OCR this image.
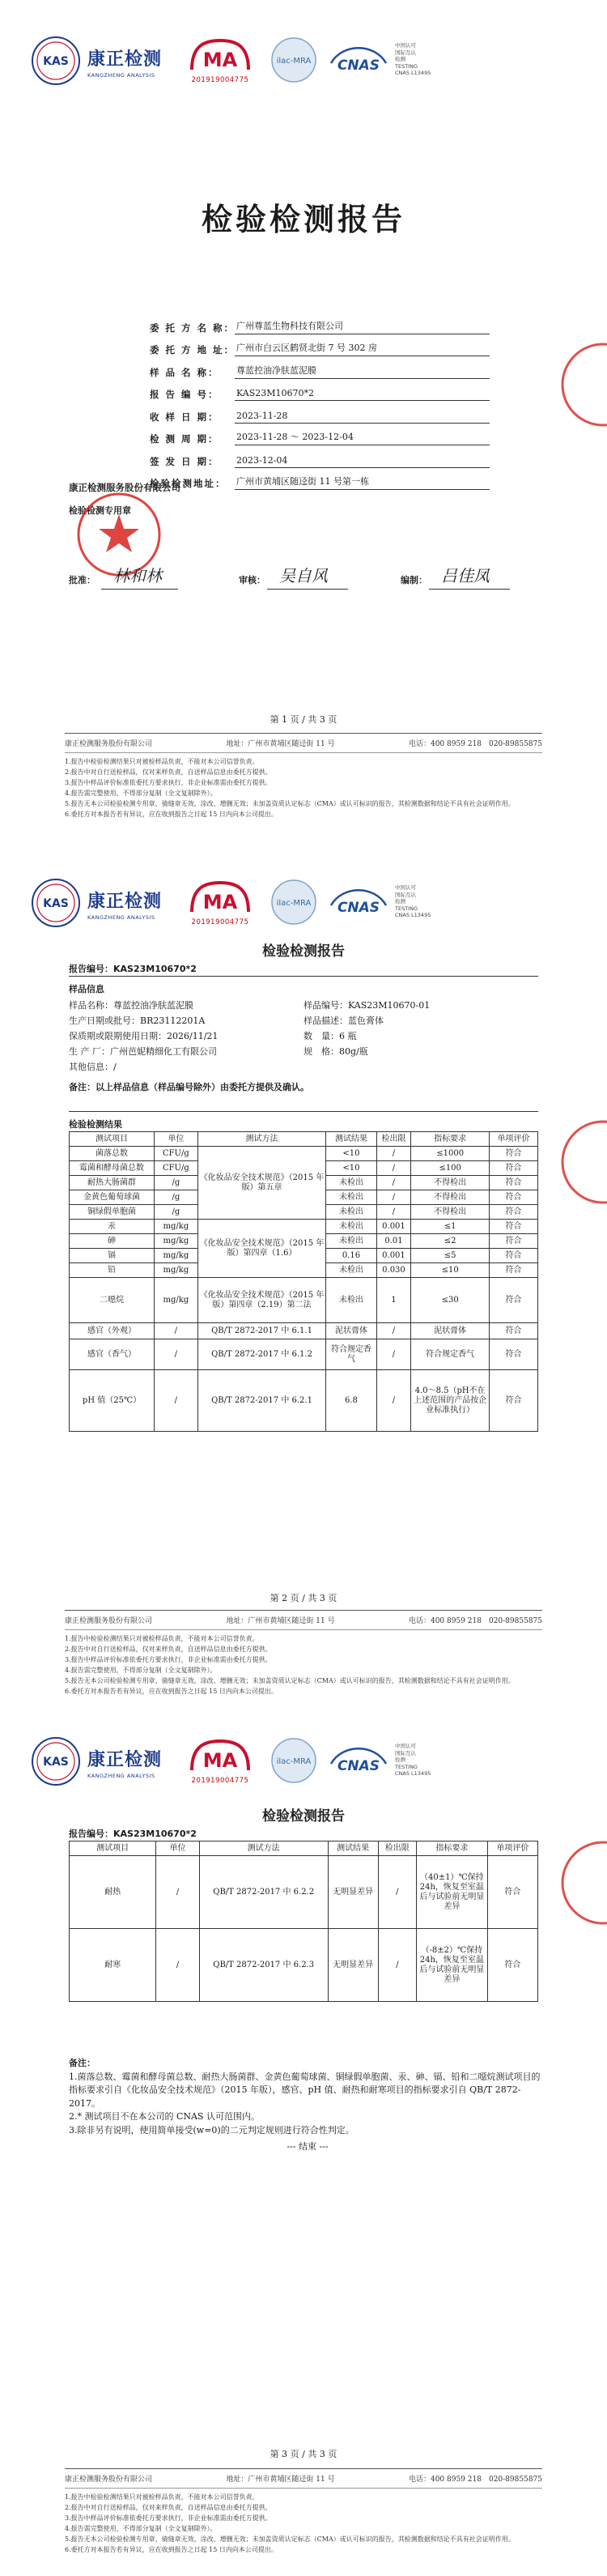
KAS 康正检测
KANGZHENG ANALYSIS
MA
201919004775
ilac-MRA CNAS
中国认可
国际互认
检测
TESTING
CNAS L13495
检验检测报告
委 托 方 名 称： 广州尊蓝生物科技有限公司
委 托 方 地 址： 广州市白云区鹤贤北街 7 号 302 房
样 品 名 称：	尊蓝控油净肤蓝泥膜
报 告 编 号：	KAS23M10670*2
收 样 日 期：	2023-11-28
检 测 周 期：	2023-11-28 ～ 2023-12-04
签 发 日 期：	2023-12-04
检验检测地址：	广州市黄埔区随迳街 11 号第一栋
康正检测服务股份有限公司
检验检测专用章
批准： 林和林	审核： 吴自风	编制： 吕佳凤
第 1 页 / 共 3 页
康正检测服务股份有限公司	地址：广州市黄埔区随迳街 11 号	电话：400 8959 218　020-89855875
1.报告中检验检测结果只对被检样品负责，不能对本公司信誉负责。
2.报告中对自行送检样品，仅对来样负责，自送样品信息由委托方提供。
3.报告中样品评价标准依委托方要求执行，非企业标准需由委托方提供。
4.报告需完整使用，不得部分复制（全文复制除外）。
5.报告无本公司检验检测专用章、骑缝章无效，涂改、增删无效；未加盖资质认定标志（CMA）或认可标识的报告，其检测数据和结论不具有社会证明作用。
6.委托方对本报告若有异议，应在收到报告之日起 15 日内向本公司提出。
KAS 康正检测
KANGZHENG ANALYSIS
MA
201919004775
ilac-MRA CNAS
中国认可
国际互认
检测
TESTING
CNAS L13495
检验检测报告
报告编号：KAS23M10670*2
样品信息
样品名称：尊蓝控油净肤蓝泥膜	样品编号：KAS23M10670-01
生产日期或批号：BR23112201A	样品描述：蓝色膏体
保质期或限期使用日期：2026/11/21	数　量：6 瓶
生 产 厂：广州芭妮精细化工有限公司	规　格：80g/瓶
其他信息：/
备注：以上样品信息（样品编号除外）由委托方提供及确认。
检验检测结果
测试项目	单位	测试方法	测试结果	检出限	指标要求	单项评价
菌落总数	CFU/g	《化妆品安全技术规范》（2015 年版）第五章	<10	/	≤1000	符合
霉菌和酵母菌总数	CFU/g		<10	/	≤100	符合
耐热大肠菌群	/g		未检出	/	不得检出	符合
金黄色葡萄球菌	/g		未检出	/	不得检出	符合
铜绿假单胞菌	/g		未检出	/	不得检出	符合
汞	mg/kg	《化妆品安全技术规范》（2015 年版）第四章（1.6）	未检出	0.001	≤1	符合
砷	mg/kg		未检出	0.01	≤2	符合
镉	mg/kg		0.16	0.001	≤5	符合
铅	mg/kg		未检出	0.030	≤10	符合
二噁烷	mg/kg	《化妆品安全技术规范》（2015 年版）第四章（2.19）第二法	未检出	1	≤30	符合
感官（外观）	/	QB/T 2872-2017 中 6.1.1	泥状膏体	/	泥状膏体	符合
感官（香气）	/	QB/T 2872-2017 中 6.1.2	符合规定香气	/	符合规定香气	符合
pH 值（25℃）	/	QB/T 2872-2017 中 6.2.1	6.8	/	4.0～8.5（pH不在上述范围的产品按企业标准执行）	符合
第 2 页 / 共 3 页
康正检测服务股份有限公司	地址：广州市黄埔区随迳街 11 号	电话：400 8959 218　020-89855875
1.报告中检验检测结果只对被检样品负责，不能对本公司信誉负责。
2.报告中对自行送检样品，仅对来样负责，自送样品信息由委托方提供。
3.报告中样品评价标准依委托方要求执行，非企业标准需由委托方提供。
4.报告需完整使用，不得部分复制（全文复制除外）。
5.报告无本公司检验检测专用章、骑缝章无效，涂改、增删无效；未加盖资质认定标志（CMA）或认可标识的报告，其检测数据和结论不具有社会证明作用。
6.委托方对本报告若有异议，应在收到报告之日起 15 日内向本公司提出。
KAS 康正检测
KANGZHENG ANALYSIS
MA
201919004775
ilac-MRA CNAS
中国认可
国际互认
检测
TESTING
CNAS L13495
检验检测报告
报告编号：KAS23M10670*2
测试项目	单位	测试方法	测试结果	检出限	指标要求	单项评价
耐热	/	QB/T 2872-2017 中 6.2.2	无明显差异	/	（40±1）℃保持 24h，恢复至室温后与试验前无明显差异	符合
耐寒	/	QB/T 2872-2017 中 6.2.3	无明显差异	/	（-8±2）℃保持 24h，恢复至室温后与试验前无明显差异	符合
备注：
1.菌落总数、霉菌和酵母菌总数、耐热大肠菌群、金黄色葡萄球菌、铜绿假单胞菌、汞、砷、镉、铅和二噁烷测试项目的指标要求引自《化妆品安全技术规范》（2015 年版），感官、pH 值、耐热和耐寒项目的指标要求引自 QB/T 2872-2017。
2.* 测试项目不在本公司的 CNAS 认可范围内。
3.除非另有说明，使用简单接受(w=0)的二元判定规则进行符合性判定。
--- 结束 ---
第 3 页 / 共 3 页
康正检测服务股份有限公司	地址：广州市黄埔区随迳街 11 号	电话：400 8959 218　020-89855875
1.报告中检验检测结果只对被检样品负责，不能对本公司信誉负责。
2.报告中对自行送检样品，仅对来样负责，自送样品信息由委托方提供。
3.报告中样品评价标准依委托方要求执行，非企业标准需由委托方提供。
4.报告需完整使用，不得部分复制（全文复制除外）。
5.报告无本公司检验检测专用章、骑缝章无效，涂改、增删无效；未加盖资质认定标志（CMA）或认可标识的报告，其检测数据和结论不具有社会证明作用。
6.委托方对本报告若有异议，应在收到报告之日起 15 日内向本公司提出。
